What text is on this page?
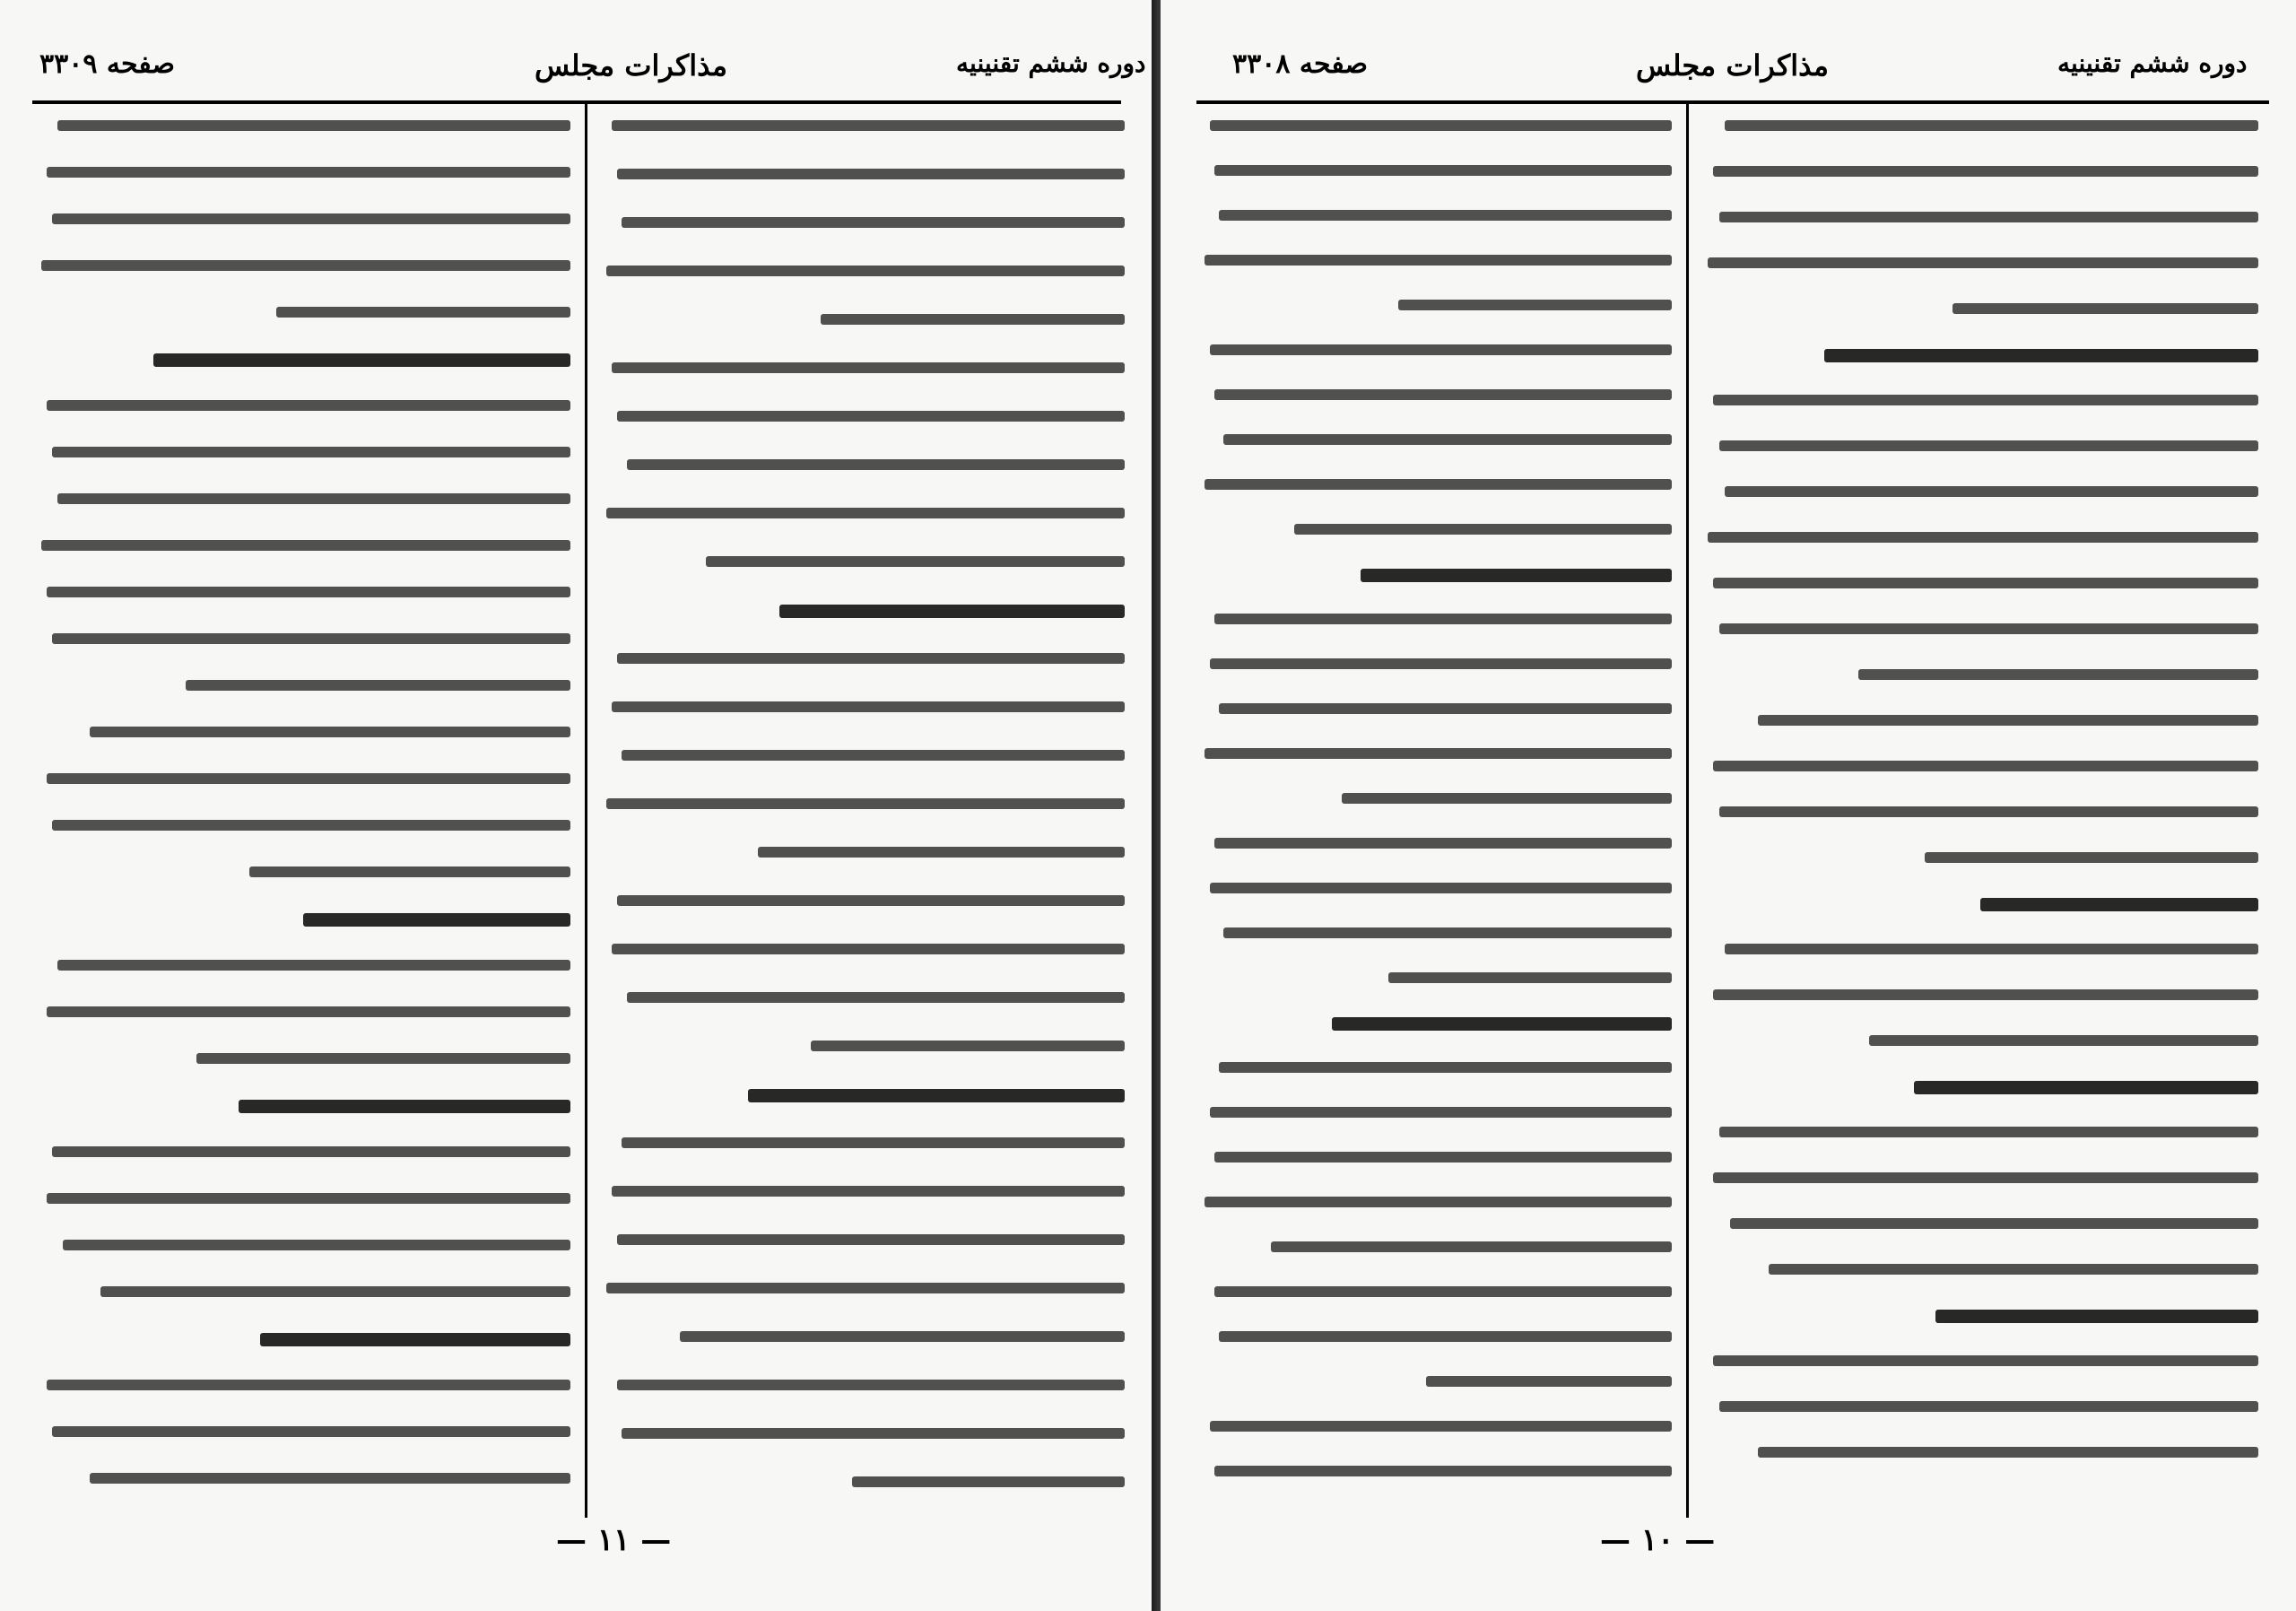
صفحه ۳۳۰۹	مذاکرات مجلس	دوره ششم تقنینیه
— ۱۱ —
صفحه ۳۳۰۸	مذاکرات مجلس	دوره ششم تقنینیه
— ۱۰ —
